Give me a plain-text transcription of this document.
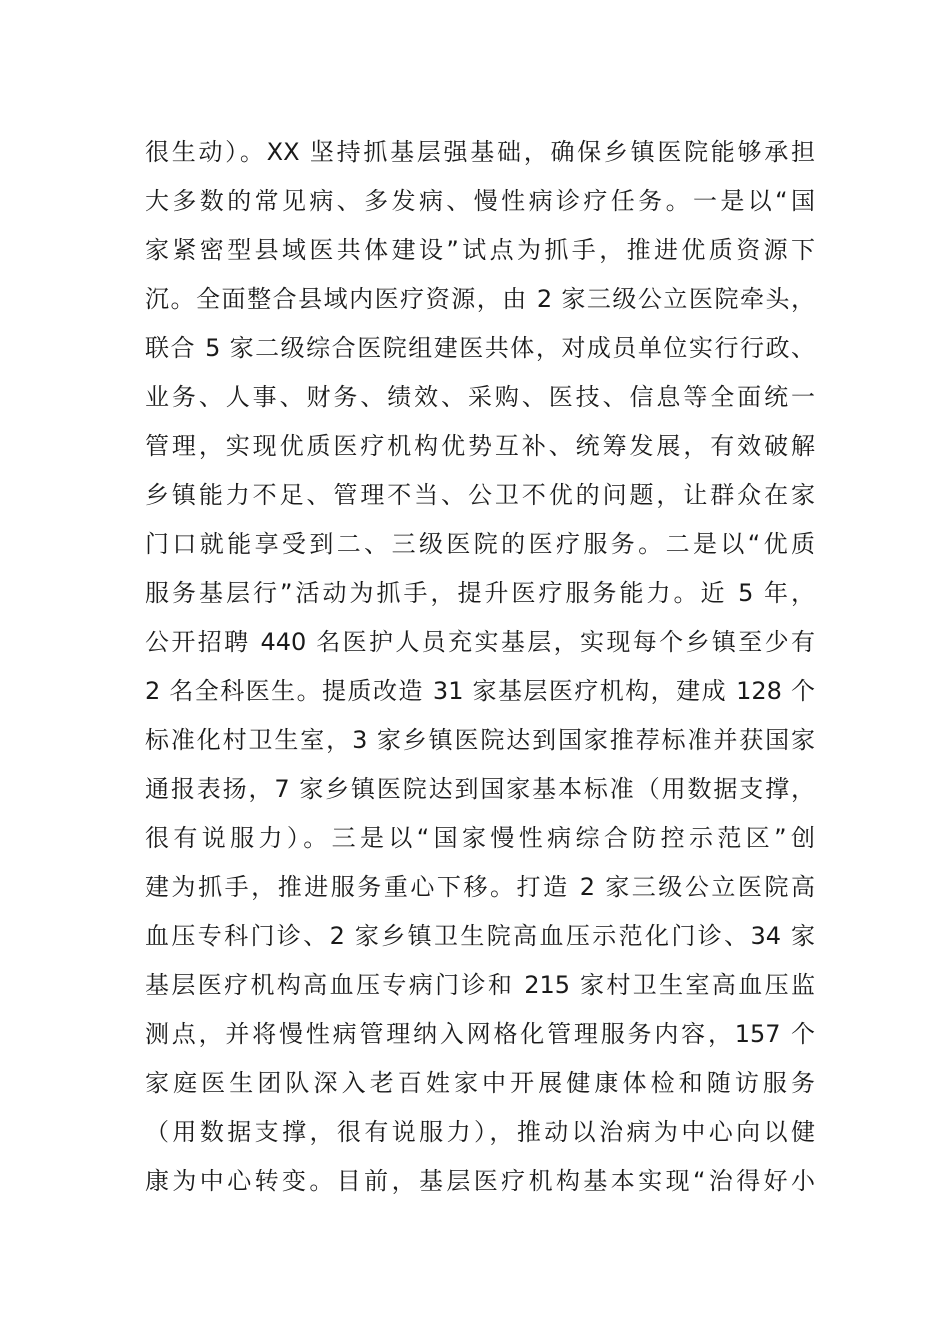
很生动）。XX 坚持抓基层强基础，确保乡镇医院能够承担
大多数的常见病、多发病、慢性病诊疗任务。一是以“国
家紧密型县域医共体建设”试点为抓手，推进优质资源下
沉。全面整合县域内医疗资源，由 2 家三级公立医院牵头，
联合 5 家二级综合医院组建医共体，对成员单位实行行政、
业务、人事、财务、绩效、采购、医技、信息等全面统一
管理，实现优质医疗机构优势互补、统筹发展，有效破解
乡镇能力不足、管理不当、公卫不优的问题，让群众在家
门口就能享受到二、三级医院的医疗服务。二是以“优质
服务基层行”活动为抓手，提升医疗服务能力。近 5 年，
公开招聘 440 名医护人员充实基层，实现每个乡镇至少有
2 名全科医生。提质改造 31 家基层医疗机构，建成 128 个
标准化村卫生室，3 家乡镇医院达到国家推荐标准并获国家
通报表扬，7 家乡镇医院达到国家基本标准（用数据支撑，
很有说服力）。三是以“国家慢性病综合防控示范区”创
建为抓手，推进服务重心下移。打造 2 家三级公立医院高
血压专科门诊、2 家乡镇卫生院高血压示范化门诊、34 家
基层医疗机构高血压专病门诊和 215 家村卫生室高血压监
测点，并将慢性病管理纳入网格化管理服务内容，157 个
家庭医生团队深入老百姓家中开展健康体检和随访服务
（用数据支撑，很有说服力），推动以治病为中心向以健
康为中心转变。目前，基层医疗机构基本实现“治得好小
